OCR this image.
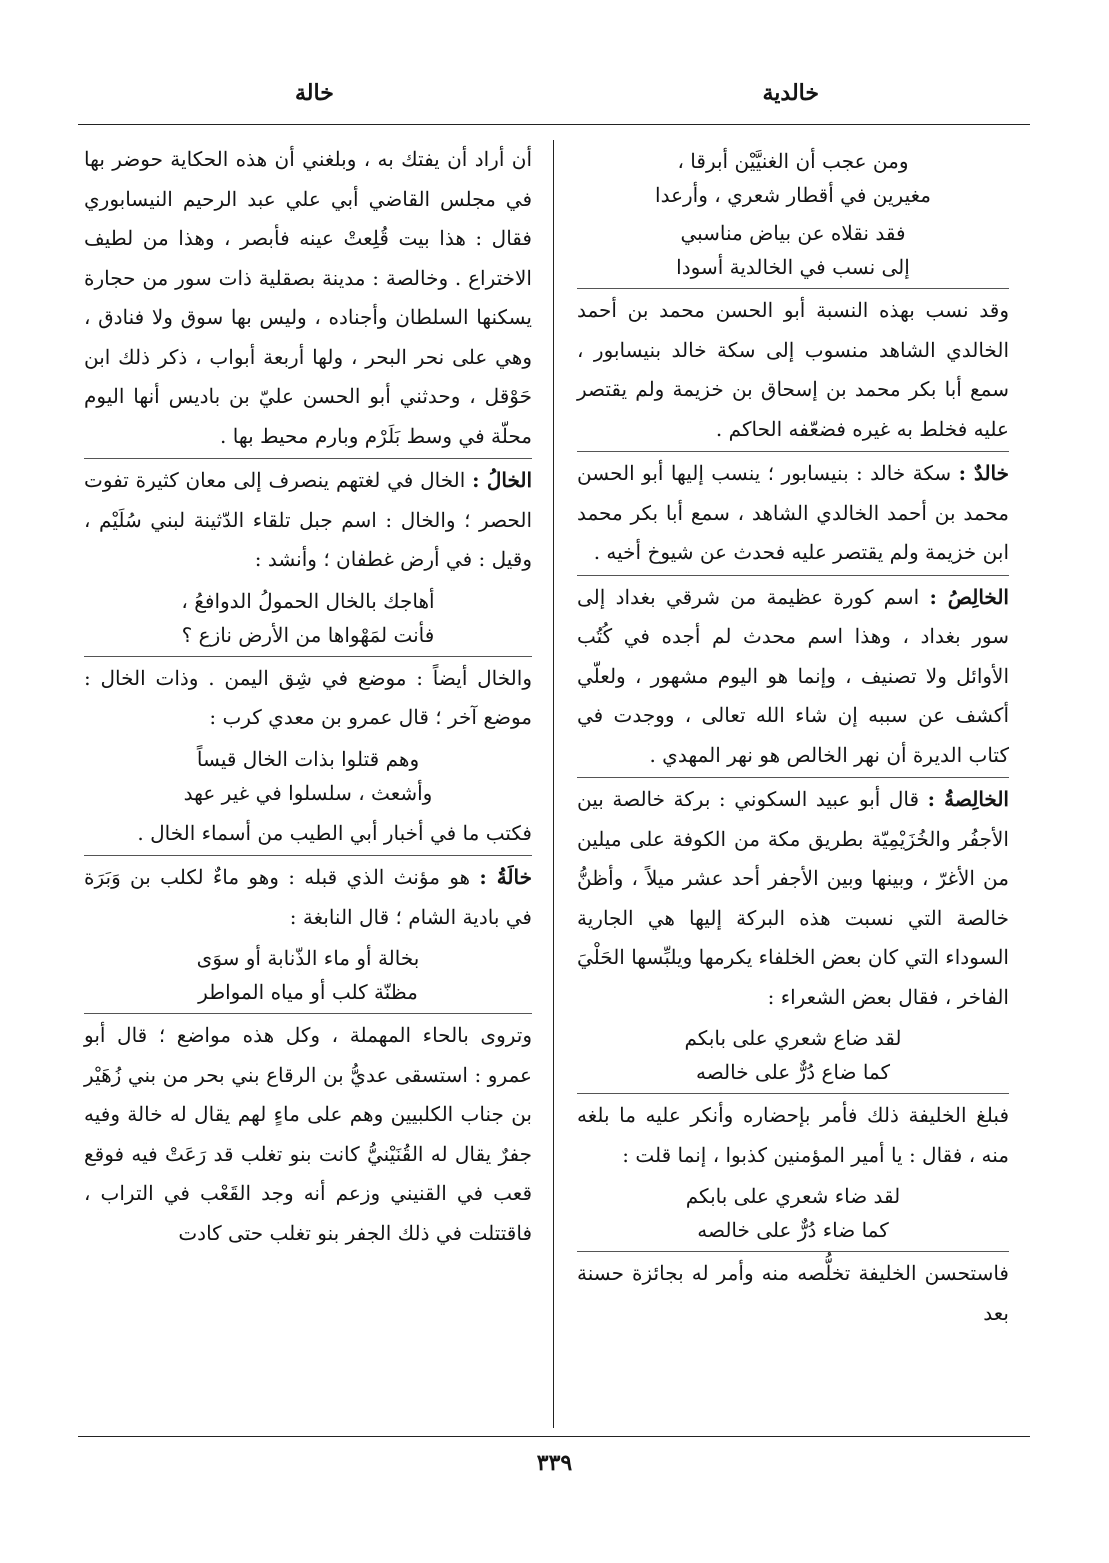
خالدية
خالة
ومن عجب أن الغنيَّيْن أبرقا ،
مغيرين في أقطار شعري ، وأرعدا
فقد نقلاه عن بياض مناسبي
إلى نسب في الخالدية أسودا

وقد نسب بهذه النسبة أبو الحسن محمد بن أحمد الخالدي الشاهد منسوب إلى سكة خالد بنيسابور ، سمع أبا بكر محمد بن إسحاق بن خزيمة ولم يقتصر عليه فخلط به غيره فضعّفه الحاكم .

خالدٌ : سكة خالد : بنيسابور ؛ ينسب إليها أبو الحسن محمد بن أحمد الخالدي الشاهد ، سمع أبا بكر محمد ابن خزيمة ولم يقتصر عليه فحدث عن شيوخ أخيه .

الخالِصُ : اسم كورة عظيمة من شرقي بغداد إلى سور بغداد ، وهذا اسم محدث لم أجده في كُتُب الأوائل ولا تصنيف ، وإنما هو اليوم مشهور ، ولعلّي أكشف عن سببه إن شاء الله تعالى ، ووجدت في كتاب الديرة أن نهر الخالص هو نهر المهدي .

الخالِصةُ : قال أبو عبيد السكوني : بركة خالصة بين الأجفُر والخُزَيْمِيّة بطريق مكة من الكوفة على ميلين من الأغرّ ، وبينها وبين الأجفر أحد عشر ميلاً ، وأظنُّ خالصة التي نسبت هذه البركة إليها هي الجارية السوداء التي كان بعض الخلفاء يكرمها ويلبِّسها الحَلْيَ الفاخر ، فقال بعض الشعراء :

لقد ضاع شعري على بابكم
كما ضاع دُرٌّ على خالصه

فبلغ الخليفة ذلك فأمر بإحضاره وأنكر عليه ما بلغه منه ، فقال : يا أمير المؤمنين كذبوا ، إنما قلت :

لقد ضاء شعري على بابكم
كما ضاء دُرٌّ على خالصه

فاستحسن الخليفة تخلُّصه منه وأمر له بجائزة حسنة بعد

أن أراد أن يفتك به ، وبلغني أن هذه الحكاية حوضر بها في مجلس القاضي أبي علي عبد الرحيم النيسابوري فقال : هذا بيت قُلِعتْ عينه فأبصر ، وهذا من لطيف الاختراع . وخالصة : مدينة بصقلية ذات سور من حجارة يسكنها السلطان وأجناده ، وليس بها سوق ولا فنادق ، وهي على نحر البحر ، ولها أربعة أبواب ، ذكر ذلك ابن حَوْقل ، وحدثني أبو الحسن عليّ بن باديس أنها اليوم محلّة في وسط بَلَرْم وبارم محيط بها .

الخالُ : الخال في لغتهم ينصرف إلى معان كثيرة تفوت الحصر ؛ والخال : اسم جبل تلقاء الدّثينة لبني سُلَيْم ، وقيل : في أرض غطفان ؛ وأنشد :

أهاجك بالخال الحمولُ الدوافعُ ،
فأنت لمَهْواها من الأرض نازع ؟

والخال أيضاً : موضع في شِق اليمن . وذات الخال : موضع آخر ؛ قال عمرو بن معدي كرب :

وهم قتلوا بذات الخال قيساً
وأشعث ، سلسلوا في غير عهد

فكتب ما في أخبار أبي الطيب من أسماء الخال .

خالَةُ : هو مؤنث الذي قبله : وهو ماءٌ لكلب بن وَبَرَة في بادية الشام ؛ قال النابغة :

بخالة أو ماء الذّنابة أو سوَى
مظنّة كلب أو مياه المواطر

وتروى بالحاء المهملة ، وكل هذه مواضع ؛ قال أبو عمرو : استسقى عديُّ بن الرقاع بني بحر من بني زُهَيْر بن جناب الكلبيين وهم على ماءٍ لهم يقال له خالة وفيه جفرٌ يقال له القُنَيْنيُّ كانت بنو تغلب قد رَعَتْ فيه فوقع قعب في القنيني وزعم أنه وجد القَعْب في التراب ، فاقتتلت في ذلك الجفر بنو تغلب حتى كادت

٣٣٩
